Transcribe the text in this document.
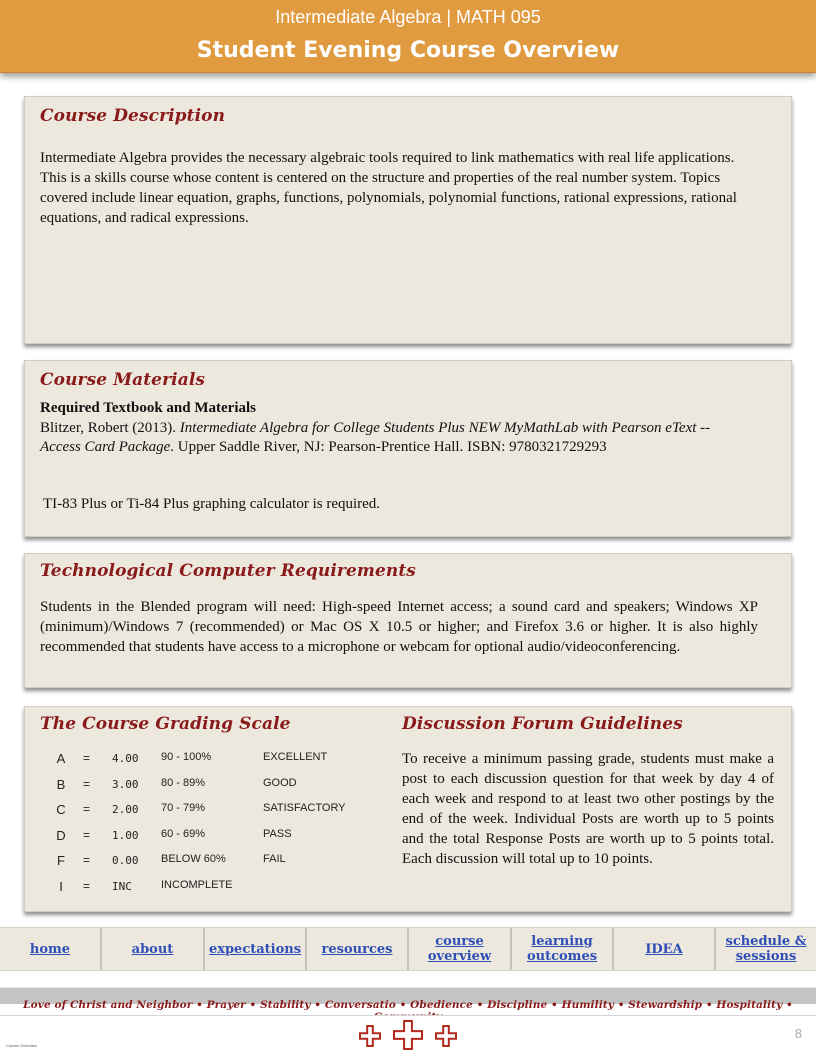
Intermediate Algebra | MATH 095
Student Evening Course Overview
Course Description

Intermediate Algebra provides the necessary algebraic tools required to link mathematics with real life applications. This is a skills course whose content is centered on the structure and properties of the real number system. Topics covered include linear equation, graphs, functions, polynomials, polynomial functions, rational expressions, rational equations, and radical expressions.

Course Materials
Required Textbook and Materials
Blitzer, Robert (2013). Intermediate Algebra for College Students Plus NEW MyMathLab with Pearson eText -- Access Card Package. Upper Saddle River, NJ: Pearson-Prentice Hall. ISBN: 9780321729293
TI-83 Plus or Ti-84 Plus graphing calculator is required.
Technological Computer Requirements

Students in the Blended program will need: High-speed Internet access; a sound card and speakers; Windows XP (minimum)/Windows 7 (recommended) or Mac OS X 10.5 or higher; and Firefox 3.6 or higher. It is also highly recommended that students have access to a microphone or webcam for optional audio/videoconferencing.

The Course Grading Scale
A = 4.00 90 - 100%	EXCELLENT
B = 3.00 80 - 89%	GOOD
C = 2.00 70 - 79%	SATISFACTORY
D = 1.00 60 - 69%	PASS
F = 0.00 BELOW 60%	FAIL
I	= INC	INCOMPLETE
Discussion Forum Guidelines
To receive a minimum passing grade, students must make a post to each discussion question for that week by day 4 of each week and respond to at least two other postings by the end of the week. Individual Posts are worth up to 5 points and the total Response Posts are worth up to 5 points total. Each discussion will total up to 10 points.
home	about	expectations	resources	course overview
learning outcomes	IDEA	schedule & sessions
Love of Christ and Neighbor • Prayer • Stability • Conversatio • Obedience • Discipline • Humility • Stewardship • Hospitality •
8
Course Overview
